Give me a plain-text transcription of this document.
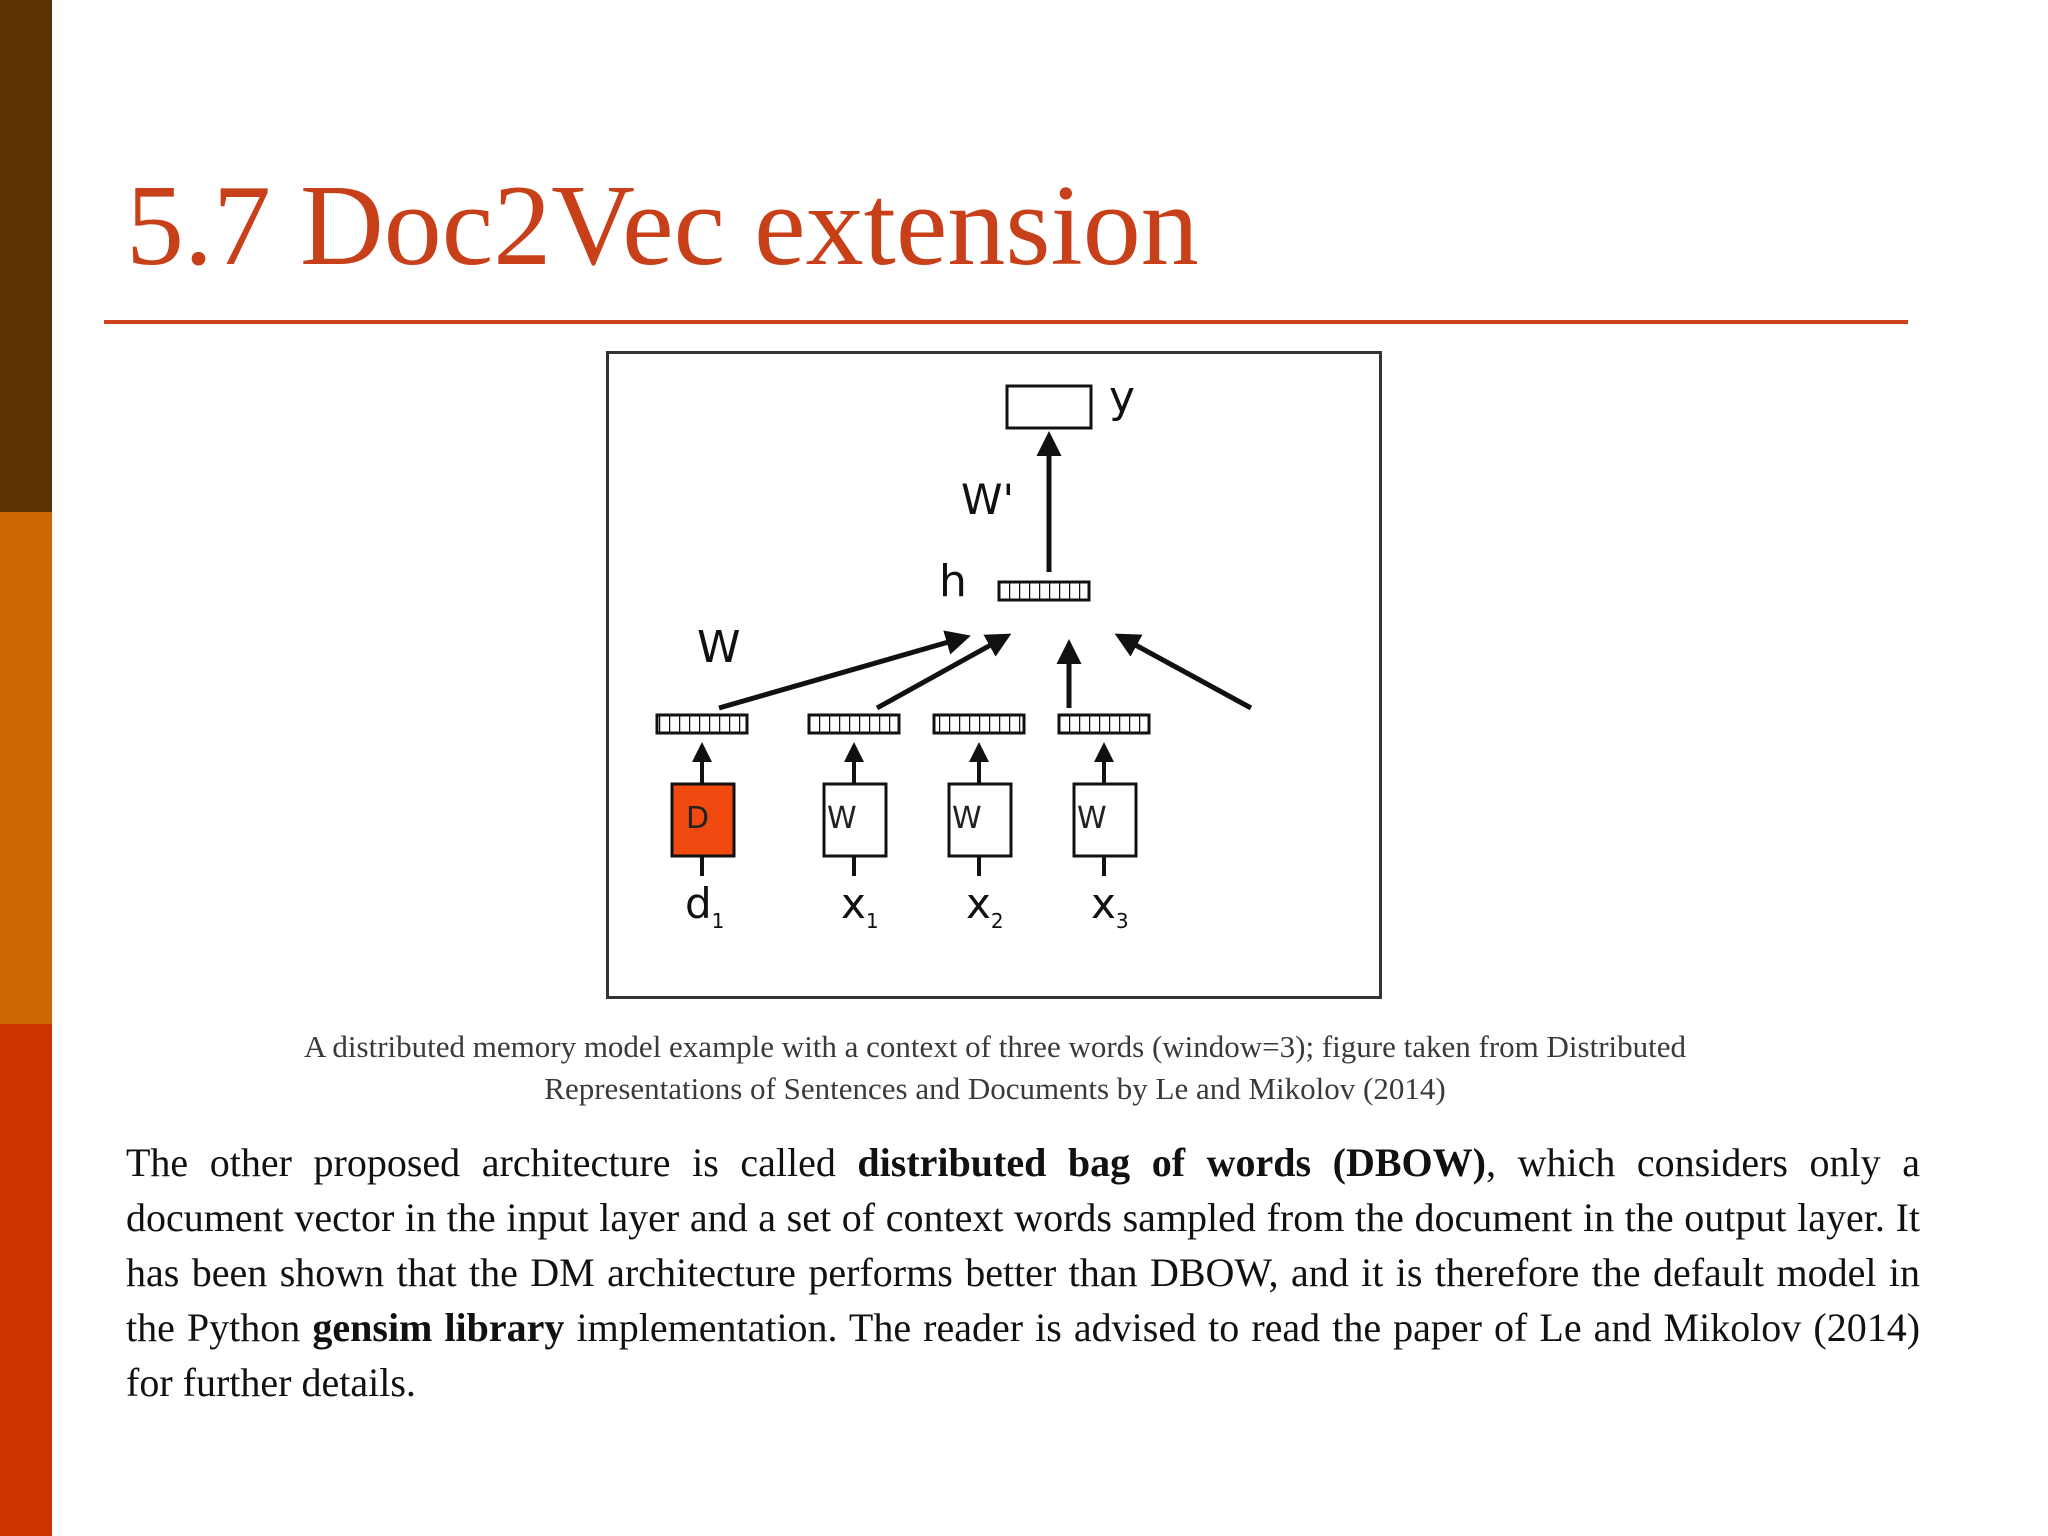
5.7 Doc2Vec extension
y
W'
h
W
D	W	W	W
$d_1$	$x_1$ $x_2$ $x_3$

A distributed memory model example with a context of three words (window=3); figure taken from Distributed
Representations of Sentences and Documents by Le and Mikolov (2014)

The other proposed architecture is called distributed bag of words (DBOW), which considers only a document vector in the input layer and a set of context words sampled from the document in the output layer. It has been shown that the DM architecture performs better than DBOW, and it is therefore the default model in the Python gensim library implementation. The reader is advised to read the paper of Le and Mikolov (2014) for further details.
